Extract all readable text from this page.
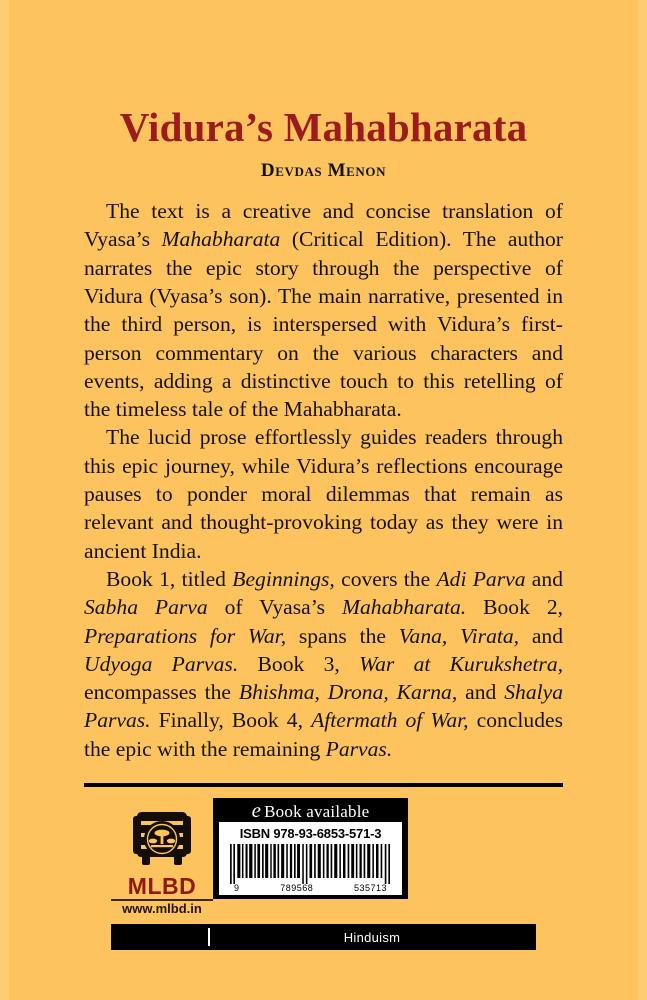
Vidura’s Mahabharata
Devdas Menon

The text is a creative and concise translation of Vyasa’s Mahabharata (Critical Edition). The author narrates the epic story through the perspective of Vidura (Vyasa’s son). The main narrative, presented in the third person, is interspersed with Vidura’s first-person commentary on the various characters and events, adding a distinctive touch to this retelling of the timeless tale of the Mahabharata.

The lucid prose effortlessly guides readers through this epic journey, while Vidura’s reflections encourage pauses to ponder moral dilemmas that remain as relevant and thought-provoking today as they were in ancient India.

Book 1, titled Beginnings, covers the Adi Parva and Sabha Parva of Vyasa’s Mahabharata. Book 2, Preparations for War, spans the Vana, Virata, and Udyoga Parvas. Book 3, War at Kurukshetra, encompasses the Bhishma, Drona, Karna, and Shalya Parvas. Finally, Book 4, Aftermath of War, concludes the epic with the remaining Parvas.

MLBD
www.mlbd.in
e Book available
ISBN 978-93-6853-571-3
9	789568	535713
Hinduism
